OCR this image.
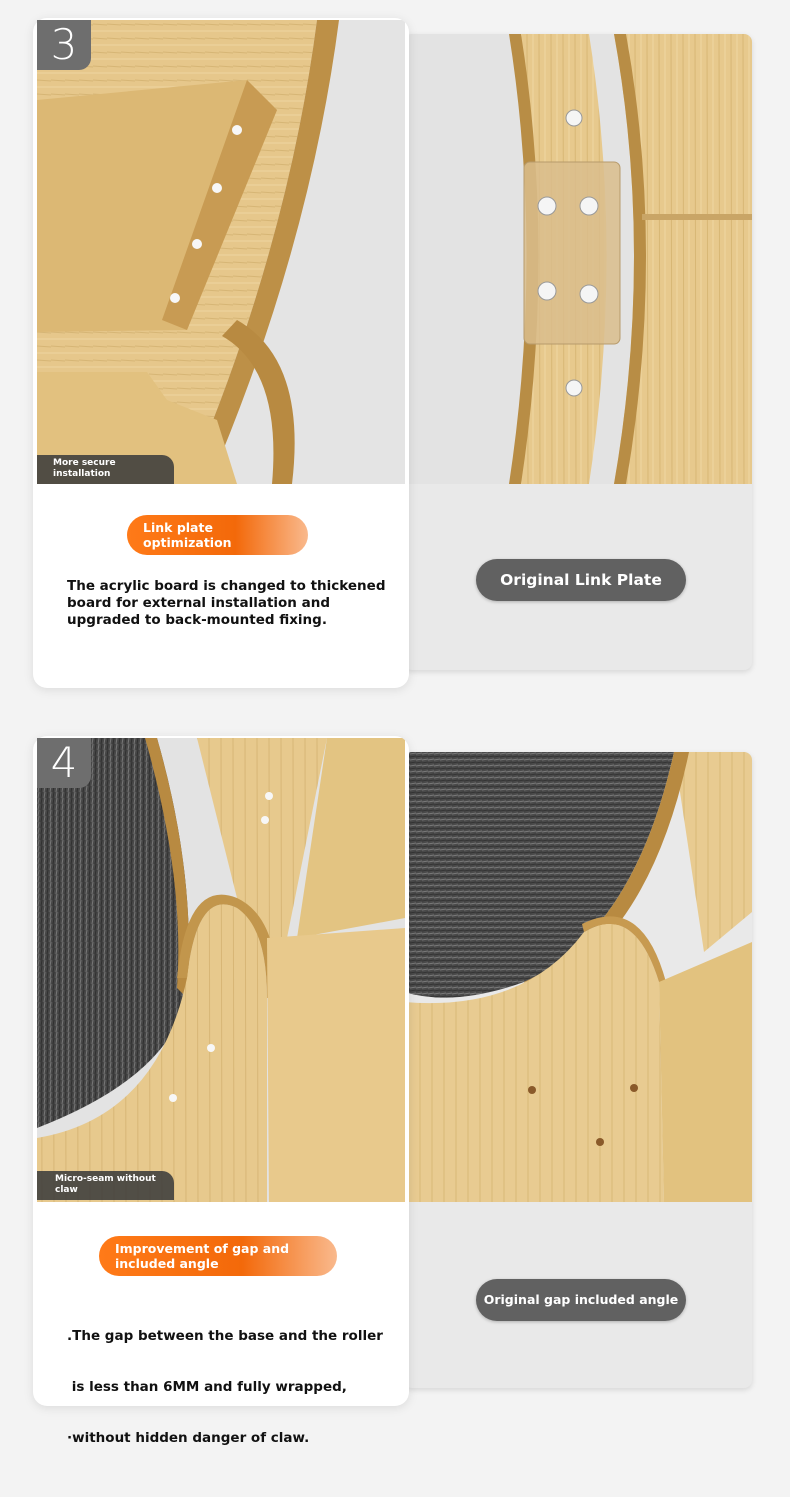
3
More secure
installation
Link plate
optimization
The acrylic board is changed to thickened
board for external installation and
upgraded to back-mounted fixing.
Original Link Plate
4
Micro-seam without
claw
Improvement of gap and
included angle

.The gap between the base and the roller

is less than 6MM and fully wrapped,

·without hidden danger of claw.

Original gap included angle
